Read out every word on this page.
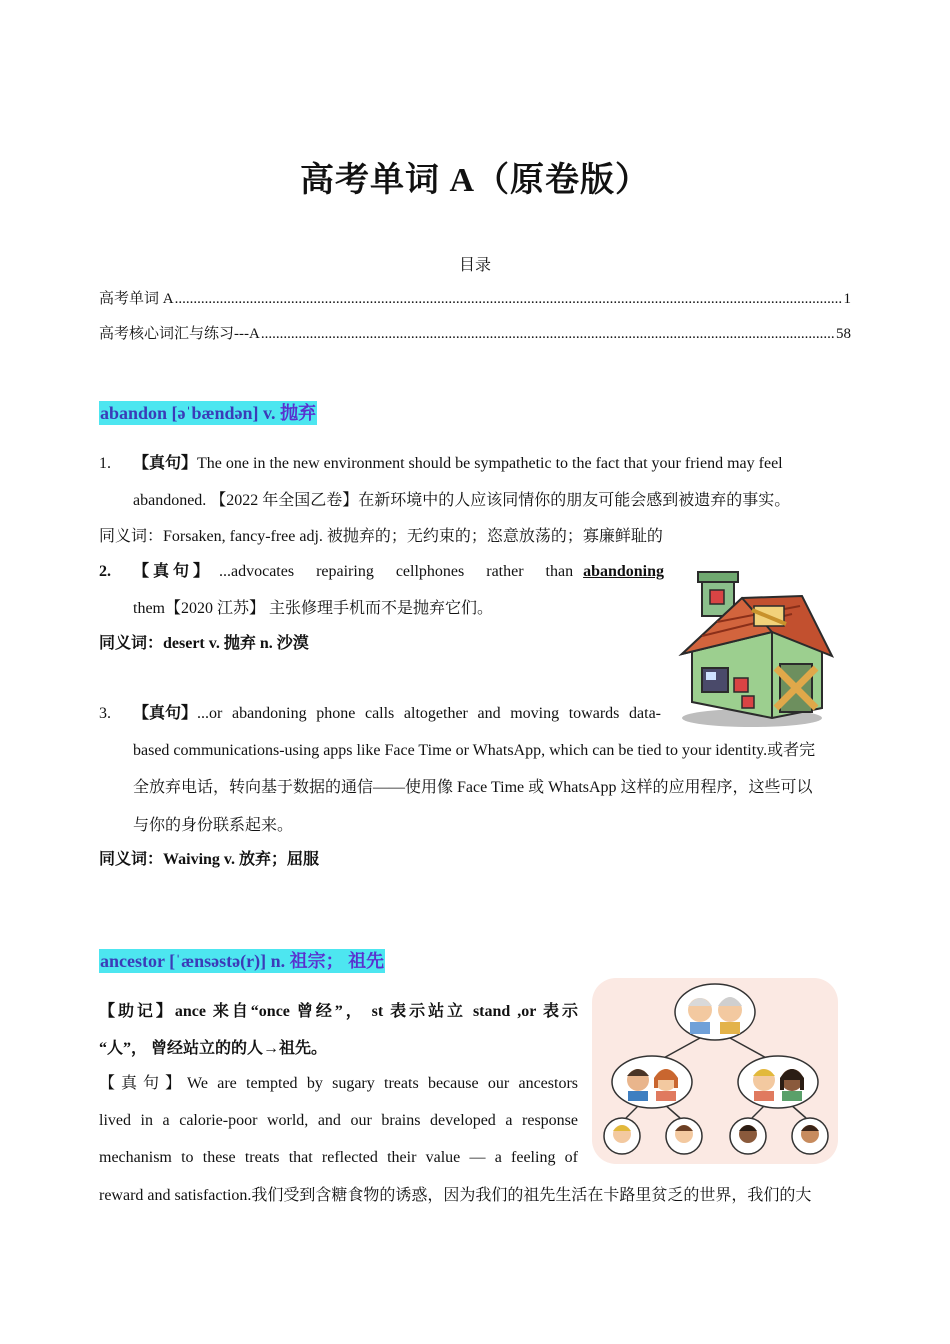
高考单词 A（原卷版）
目录
高考单词 A .....	1
高考核心词汇与练习---A .....	58
abandon [əˈbændən] v. 抛弃
1.	【真句】The one in the new environment should be sympathetic to the fact that your friend may feel
abandoned. 【2022 年全国乙卷】在新环境中的人应该同情你的朋友可能会感到被遗弃的事实。
同义词：Forsaken, fancy-free adj. 被抛弃的；无约束的；恣意放荡的；寡廉鲜耻的
2.	【 真 句 】 ...advocates repairing cellphones rather than abandoning
them【2020 江苏】 主张修理手机而不是抛弃它们。
同义词：desert v. 抛弃 n. 沙漠
3.	【真句】 ...or abandoning phone calls altogether and moving towards data-
based communications-using apps like Face Time or WhatsApp, which can be tied to your identity.或者完
全放弃电话，转向基于数据的通信——使用像 Face Time 或 WhatsApp 这样的应用程序，这些可以
与你的身份联系起来。
同义词：Waiving v. 放弃；屈服
ancestor [ˈænsəstə(r)] n. 祖宗； 祖先
【助记】ance 来自“once 曾经”， st 表示站立 stand ,or 表示
“人”， 曾经站立的的人→祖先。
【真句】 We are tempted by sugary treats because our ancestors
lived in a calorie-poor world, and our brains developed a response
mechanism to these treats that reflected their value — a feeling of
reward and satisfaction.我们受到含糖食物的诱惑，因为我们的祖先生活在卡路里贫乏的世界，我们的大
